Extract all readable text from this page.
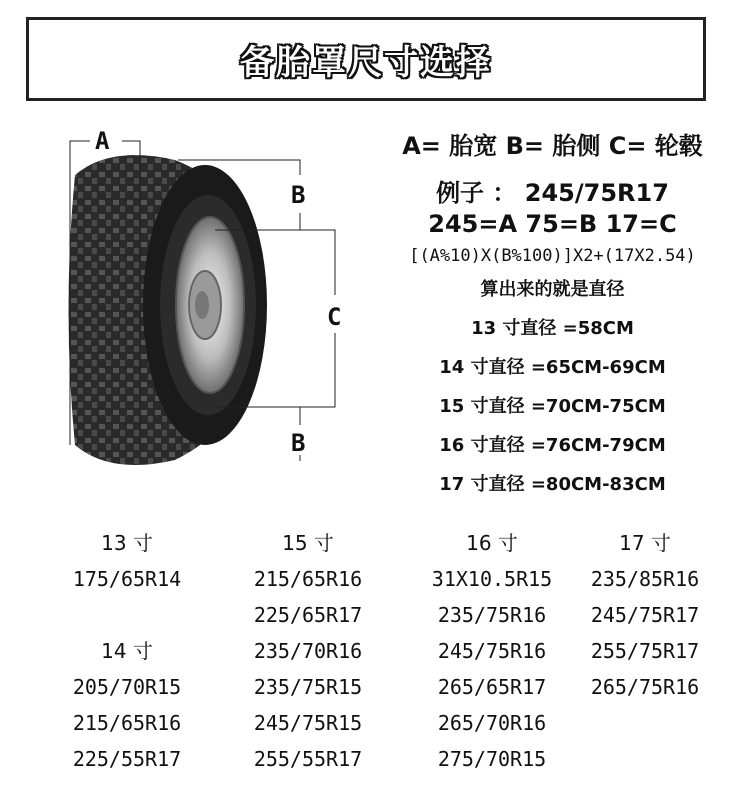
备胎罩尺寸选择
A
B
C
B
A= 胎宽 B= 胎侧 C= 轮毂
例子 ： 245/75R17
245=A 75=B 17=C
[(A%10)X(B%100)]X2+(17X2.54)
算出来的就是直径
13 寸直径 =58CM
14 寸直径 =65CM-69CM
15 寸直径 =70CM-75CM
16 寸直径 =76CM-79CM
17 寸直径 =80CM-83CM
13 寸
175/65R14
14 寸
205/70R15
215/65R16
225/55R17
15 寸
215/65R16
225/65R17
235/70R16
235/75R15
245/75R15
255/55R17
16 寸
31X10.5R15
235/75R16
245/75R16
265/65R17
265/70R16
275/70R15
17 寸
235/85R16
245/75R17
255/75R17
265/75R16
